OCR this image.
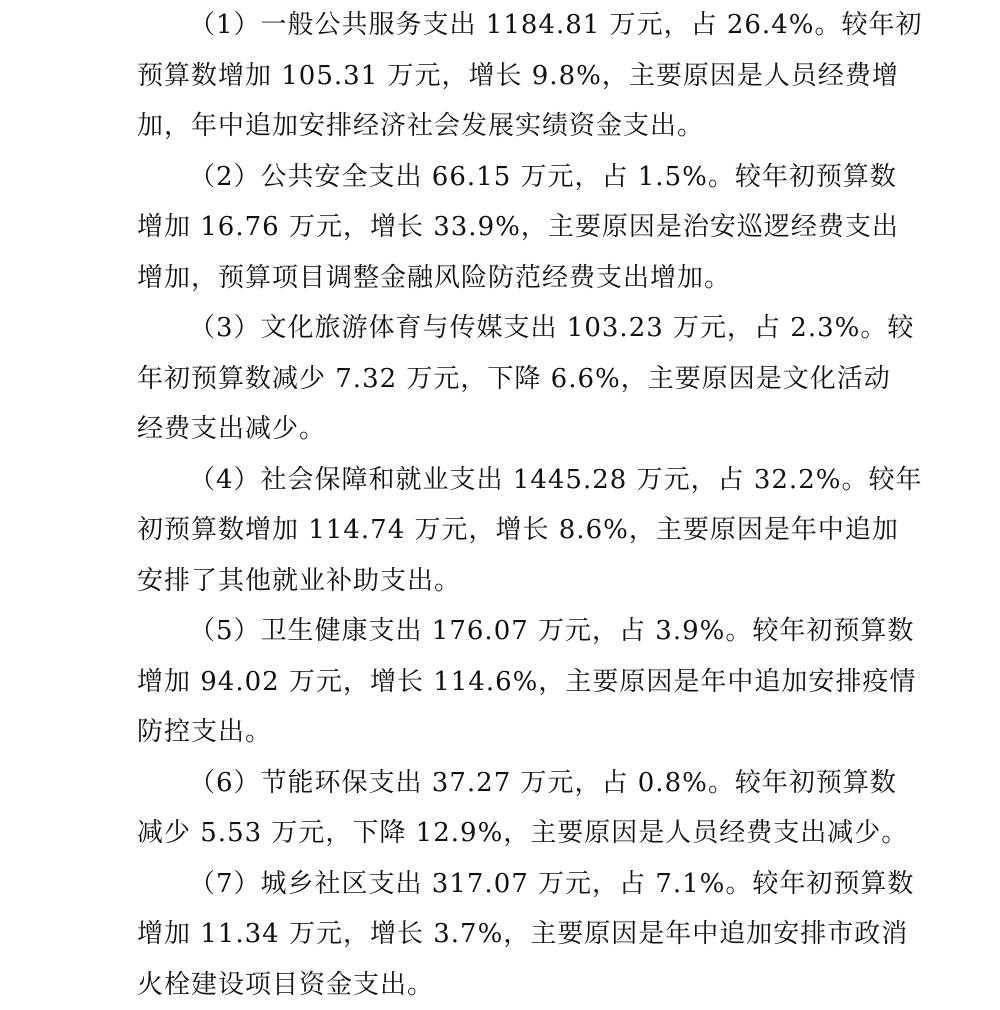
（1）一般公共服务支出 1184.81 万元，占 26.4%。较年初
预算数增加 105.31 万元，增长 9.8%，主要原因是人员经费增
加，年中追加安排经济社会发展实绩资金支出。

（2）公共安全支出 66.15 万元，占 1.5%。较年初预算数
增加 16.76 万元，增长 33.9%，主要原因是治安巡逻经费支出
增加，预算项目调整金融风险防范经费支出增加。

（3）文化旅游体育与传媒支出 103.23 万元，占 2.3%。较
年初预算数减少 7.32 万元，下降 6.6%，主要原因是文化活动
经费支出减少。

（4）社会保障和就业支出 1445.28 万元，占 32.2%。较年
初预算数增加 114.74 万元，增长 8.6%，主要原因是年中追加
安排了其他就业补助支出。

（5）卫生健康支出 176.07 万元，占 3.9%。较年初预算数
增加 94.02 万元，增长 114.6%，主要原因是年中追加安排疫情
防控支出。

（6）节能环保支出 37.27 万元，占 0.8%。较年初预算数
减少 5.53 万元，下降 12.9%，主要原因是人员经费支出减少。

（7）城乡社区支出 317.07 万元，占 7.1%。较年初预算数
增加 11.34 万元，增长 3.7%，主要原因是年中追加安排市政消
火栓建设项目资金支出。
